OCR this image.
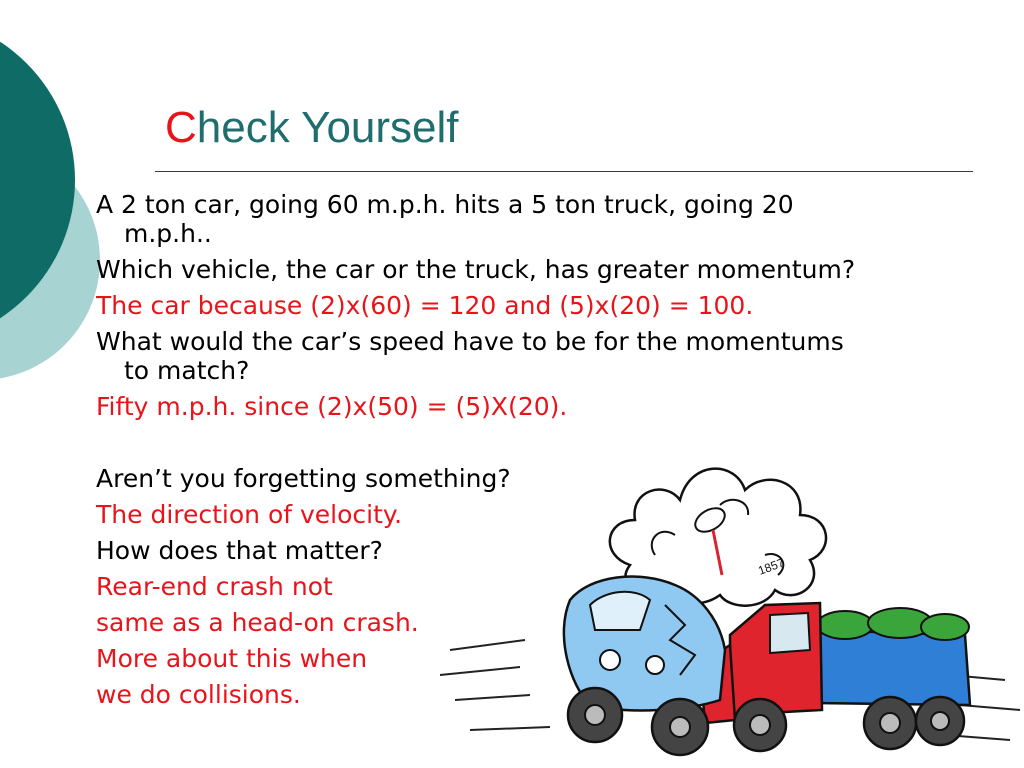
Check Yourself

A 2 ton car, going 60 m.p.h. hits a 5 ton truck, going 20
m.p.h..

Which vehicle, the car or the truck, has greater momentum?

The car because (2)x(60) = 120 and (5)x(20) = 100.

What would the car’s speed have to be for the momentums
to match?

Fifty m.p.h. since (2)x(50) = (5)X(20).

Aren’t you forgetting something?

The direction of velocity.

How does that matter?

Rear-end crash not

same as a head-on crash.

More about this when

we do collisions.

1857
